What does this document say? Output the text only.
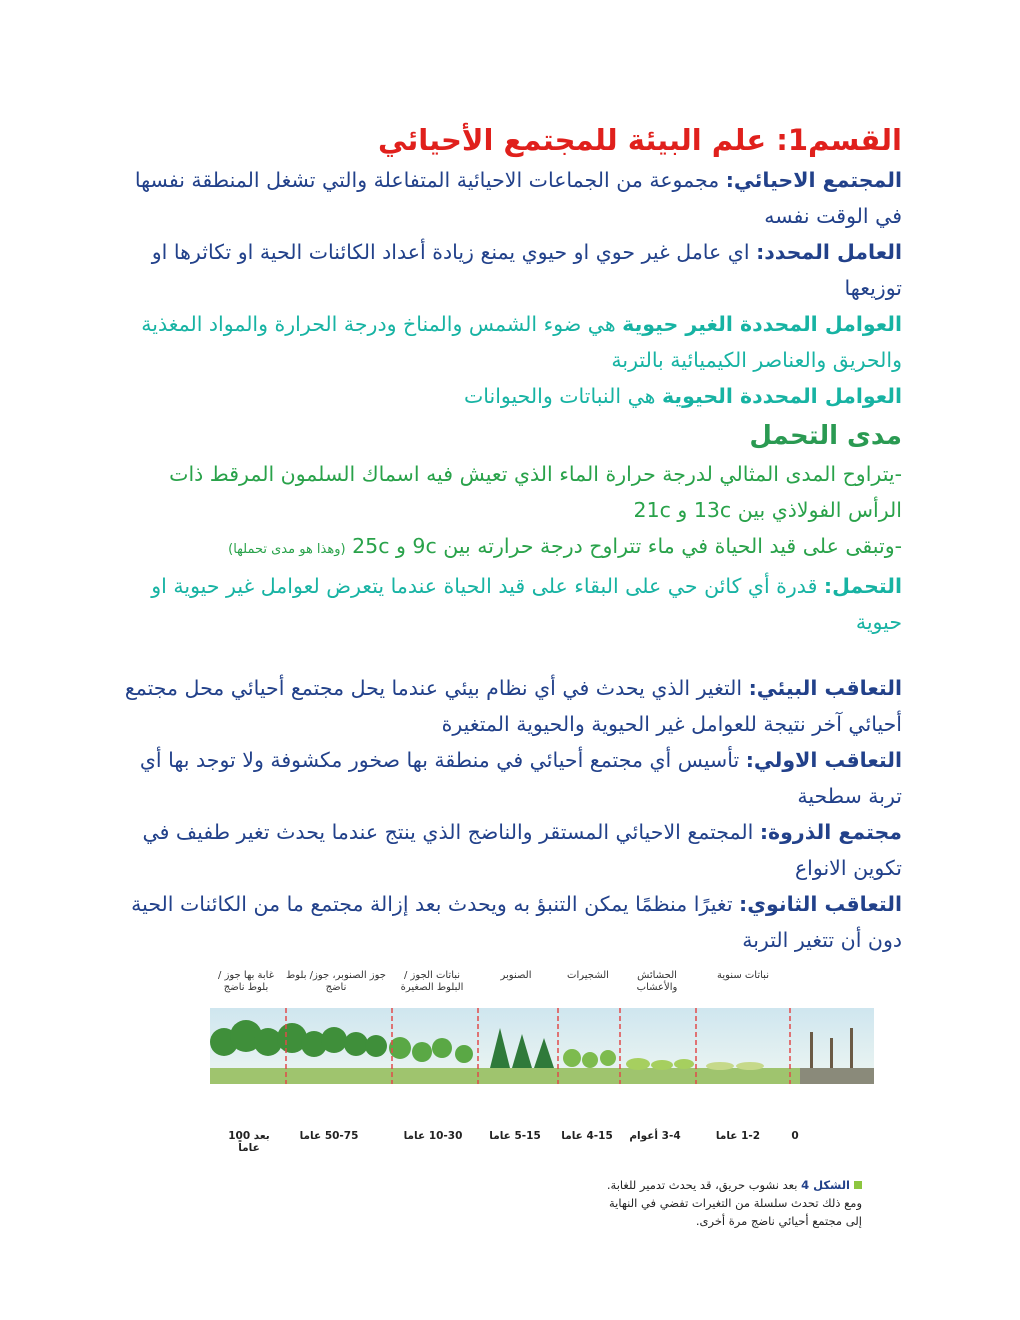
القسم1: علم البيئة للمجتمع الأحيائي

المجتمع الاحيائي: مجموعة من الجماعات الاحيائية المتفاعلة والتي تشغل المنطقة نفسها في الوقت نفسه

العامل المحدد: اي عامل غير حوي او حيوي يمنع زيادة أعداد الكائنات الحية او تكاثرها او توزيعها

العوامل المحددة الغير حيوية هي ضوء الشمس والمناخ ودرجة الحرارة والمواد المغذية والحريق والعناصر الكيميائية بالتربة

العوامل المحددة الحيوية هي النباتات والحيوانات

مدى التحمل

-يتراوح المدى المثالي لدرجة حرارة الماء الذي تعيش فيه اسماك السلمون المرقط ذات الرأس الفولاذي بين 13c و 21c

-وتبقى على قيد الحياة في ماء تتراوح درجة حرارته بين 9c و 25c (وهذا هو مدى تحملها)

التحمل: قدرة أي كائن حي على البقاء على قيد الحياة عندما يتعرض لعوامل غير حيوية او حيوية

التعاقب البيئي: التغير الذي يحدث في أي نظام بيئي عندما يحل مجتمع أحيائي محل مجتمع أحيائي آخر نتيجة للعوامل غير الحيوية والحيوية المتغيرة

التعاقب الاولي: تأسيس أي مجتمع أحيائي في منطقة بها صخور مكشوفة ولا توجد بها أي تربة سطحية

مجتمع الذروة: المجتمع الاحيائي المستقر والناضج الذي ينتج عندما يحدث تغير طفيف في تكوين الانواع

التعاقب الثانوي: تغيرًا منظمًا يمكن التنبؤ به ويحدث بعد إزالة مجتمع ما من الكائنات الحية دون أن تتغير التربة

غابة بها جوز / بلوط ناضج
جوز الصنوبر، جوز/ بلوط ناضج
نباتات الجوز / البلوط الصغيرة
الصنوبر	الشجيرات	الحشائش والأعشاب
نباتات سنوية
بعد 100 عاماً
50-75 عاما	10-30 عاما	5-15 عاما	4-15 عاما	3-4 أعوام	1-2 عاما	0
الشكل 4 بعد نشوب حريق، قد يحدث تدمير للغابة. ومع ذلك تحدث سلسلة من التغيرات تفضي في النهاية إلى مجتمع أحيائي ناضج مرة أخرى.
